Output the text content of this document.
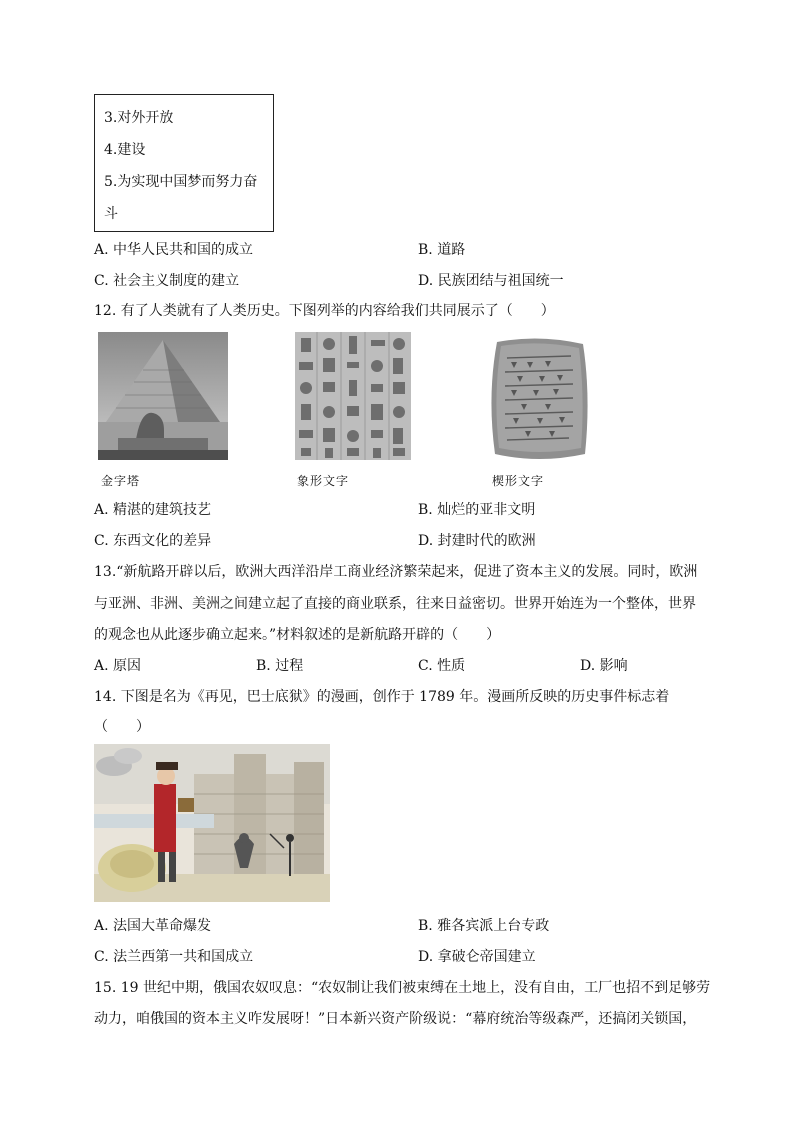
3.对外开放
4.建设
5.为实现中国梦而努力奋
斗
A. 中华人民共和国的成立	B. 道路
C. 社会主义制度的建立	D. 民族团结与祖国统一
12. 有了人类就有了人类历史。下图列举的内容给我们共同展示了（　　）
金字塔	象形文字	楔形文字
A. 精湛的建筑技艺	B. 灿烂的亚非文明
C. 东西文化的差异	D. 封建时代的欧洲
13.“新航路开辟以后，欧洲大西洋沿岸工商业经济繁荣起来，促进了资本主义的发展。同时，欧洲
与亚洲、非洲、美洲之间建立起了直接的商业联系，往来日益密切。世界开始连为一个整体，世界
的观念也从此逐步确立起来。”材料叙述的是新航路开辟的（　　）
A. 原因	B. 过程	C. 性质	D. 影响
14. 下图是名为《再见，巴士底狱》的漫画，创作于 1789 年。漫画所反映的历史事件标志着
（　　）
A. 法国大革命爆发	B. 雅各宾派上台专政
C. 法兰西第一共和国成立	D. 拿破仑帝国建立
15. 19 世纪中期，俄国农奴叹息：“农奴制让我们被束缚在土地上，没有自由，工厂也招不到足够劳
动力，咱俄国的资本主义咋发展呀！”日本新兴资产阶级说：“幕府统治等级森严，还搞闭关锁国，
